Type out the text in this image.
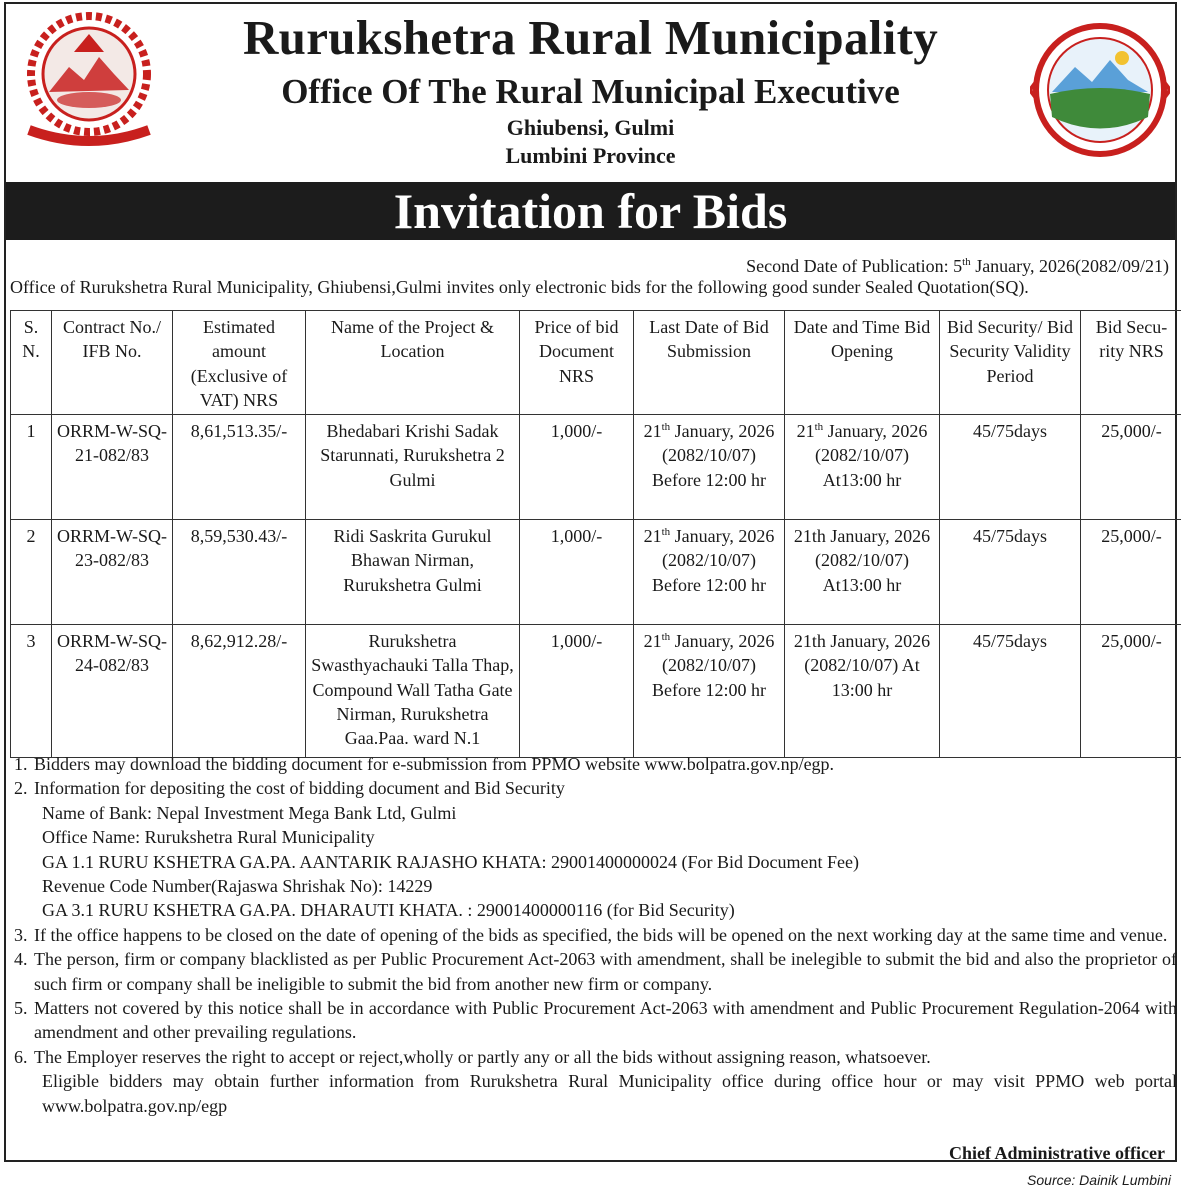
Rurukshetra Rural Municipality
Office Of The Rural Municipal Executive
Ghiubensi, Gulmi
Lumbini Province
Invitation for Bids
Second Date of Publication: 5th January, 2026(2082/09/21)
Office of Rurukshetra Rural Municipality, Ghiubensi,Gulmi invites only electronic bids for the following good sunder Sealed Quotation(SQ).
S. N.	Contract No./ IFB No.	Estimated amount (Exclusive of VAT) NRS	Name of the Project & Location	Price of bid Document NRS	Last Date of Bid Submission	Date and Time Bid Opening	Bid Security/ Bid Security Validity Period	Bid Secu-rity NRS
1	ORRM-W-SQ-21-082/83	8,61,513.35/-	Bhedabari Krishi Sadak Starunnati, Rurukshetra 2 Gulmi	1,000/-	21th January, 2026 (2082/10/07) Before 12:00 hr	21th January, 2026 (2082/10/07) At13:00 hr	45/75days	25,000/-
2	ORRM-W-SQ-23-082/83	8,59,530.43/-	Ridi Saskrita Gurukul Bhawan Nirman, Rurukshetra Gulmi	1,000/-	21th January, 2026 (2082/10/07) Before 12:00 hr	21th January, 2026 (2082/10/07) At13:00 hr	45/75days	25,000/-
3	ORRM-W-SQ-24-082/83	8,62,912.28/-	Rurukshetra Swasthyachauki Talla Thap, Compound Wall Tatha Gate Nirman, Rurukshetra Gaa.Paa. ward N.1	1,000/-	21th January, 2026 (2082/10/07) Before 12:00 hr	21th January, 2026 (2082/10/07) At 13:00 hr	45/75days	25,000/-
1. Bidders may download the bidding document for e-submission from PPMO website www.bolpatra.gov.np/egp.
2. Information for depositing the cost of bidding document and Bid Security
Name of Bank: Nepal Investment Mega Bank Ltd, Gulmi
Office Name: Rurukshetra Rural Municipality
GA 1.1 RURU KSHETRA GA.PA. AANTARIK RAJASHO KHATA: 29001400000024 (For Bid Document Fee)
Revenue Code Number(Rajaswa Shrishak No): 14229
GA 3.1 RURU KSHETRA GA.PA. DHARAUTI KHATA. : 29001400000116 (for Bid Security)
3. If the office happens to be closed on the date of opening of the bids as specified, the bids will be opened on the next working day at the same time and venue.
4. The person, firm or company blacklisted as per Public Procurement Act-2063 with amendment, shall be inelegible to submit the bid and also the proprietor of such firm or company shall be ineligible to submit the bid from another new firm or company.
5. Matters not covered by this notice shall be in accordance with Public Procurement Act-2063 with amendment and Public Procurement Regulation-2064 with amendment and other prevailing regulations.
6. The Employer reserves the right to accept or reject,wholly or partly any or all the bids without assigning reason, whatsoever.
Eligible bidders may obtain further information from Rurukshetra Rural Municipality office during office hour or may visit PPMO web portal www.bolpatra.gov.np/egp
Chief Administrative officer
Source: Dainik Lumbini
